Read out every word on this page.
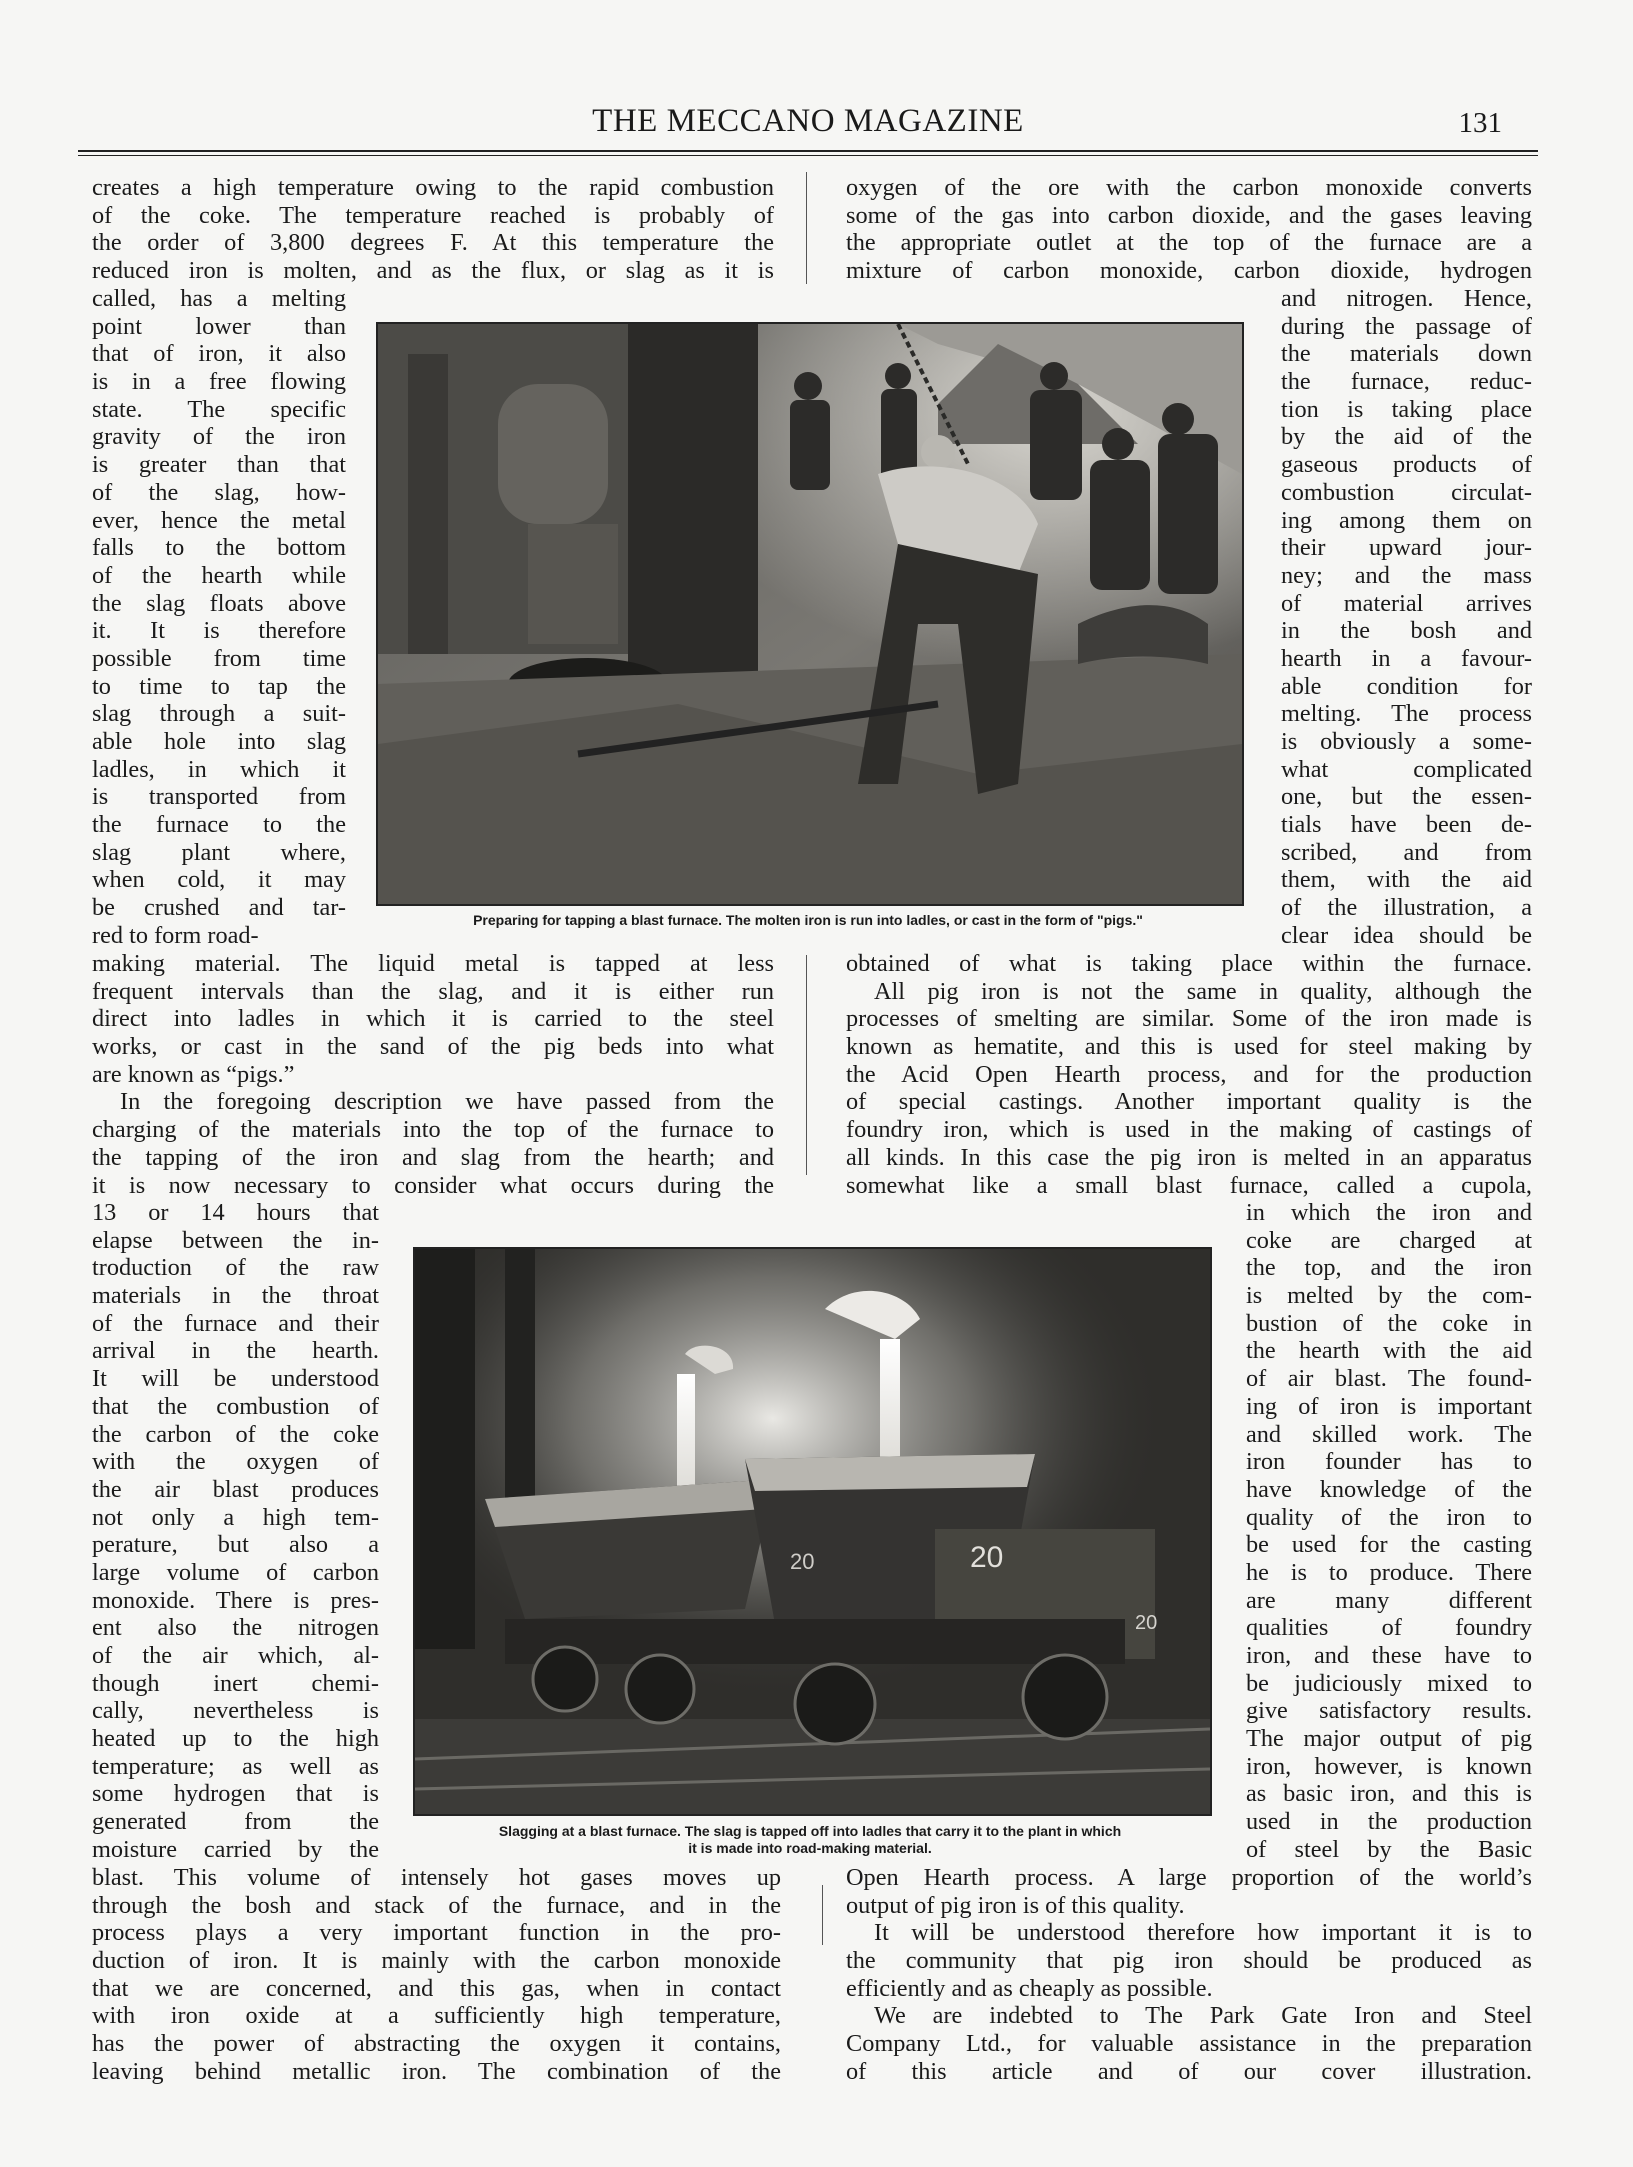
THE MECCANO MAGAZINE	131
creates a high temperature owing to the rapid combustion
of the coke. The temperature reached is probably of
the order of 3,800 degrees F. At this temperature the
reduced iron is molten, and as the flux, or slag as it is
called, has a melting
point lower than
that of iron, it also
is in a free flowing
state. The specific
gravity of the iron
is greater than that
of the slag, how-
ever, hence the metal
falls to the bottom
of the hearth while
the slag floats above
it. It is therefore
possible from time
to time to tap the
slag through a suit-
able hole into slag
ladles, in which it
is transported from
the furnace to the
slag plant where,
when cold, it may
be crushed and tar-
red to form road-
making material. The liquid metal is tapped at less
frequent intervals than the slag, and it is either run
direct into ladles in which it is carried to the steel
works, or cast in the sand of the pig beds into what
are known as “pigs.”
In the foregoing description we have passed from the
charging of the materials into the top of the furnace to
the tapping of the iron and slag from the hearth; and
it is now necessary to consider what occurs during the
13 or 14 hours that
elapse between the in-
troduction of the raw
materials in the throat
of the furnace and their
arrival in the hearth.
It will be understood
that the combustion of
the carbon of the coke
with the oxygen of
the air blast produces
not only a high tem-
perature, but also a
large volume of carbon
monoxide. There is pres-
ent also the nitrogen
of the air which, al-
though inert chemi-
cally, nevertheless is
heated up to the high
temperature; as well as
some hydrogen that is
generated from the
moisture carried by the
blast. This volume of intensely hot gases moves up
through the bosh and stack of the furnace, and in the
process plays a very important function in the pro-
duction of iron. It is mainly with the carbon monoxide
that we are concerned, and this gas, when in contact
with iron oxide at a sufficiently high temperature,
has the power of abstracting the oxygen it contains,
leaving behind metallic iron. The combination of the
oxygen of the ore with the carbon monoxide converts
some of the gas into carbon dioxide, and the gases leaving
the appropriate outlet at the top of the furnace are a
mixture of carbon monoxide, carbon dioxide, hydrogen
and nitrogen. Hence,
during the passage of
the materials down
the furnace, reduc-
tion is taking place
by the aid of the
gaseous products of
combustion circulat-
ing among them on
their upward jour-
ney; and the mass
of material arrives
in the bosh and
hearth in a favour-
able condition for
melting. The process
is obviously a some-
what complicated
one, but the essen-
tials have been de-
scribed, and from
them, with the aid
of the illustration, a
clear idea should be
obtained of what is taking place within the furnace.
All pig iron is not the same in quality, although the
processes of smelting are similar. Some of the iron made is
known as hematite, and this is used for steel making by
the Acid Open Hearth process, and for the production
of special castings. Another important quality is the
foundry iron, which is used in the making of castings of
all kinds. In this case the pig iron is melted in an apparatus
somewhat like a small blast furnace, called a cupola,
in which the iron and
coke are charged at
the top, and the iron
is melted by the com-
bustion of the coke in
the hearth with the aid
of air blast. The found-
ing of iron is important
and skilled work. The
iron founder has to
have knowledge of the
quality of the iron to
be used for the casting
he is to produce. There
are many different
qualities of foundry
iron, and these have to
be judiciously mixed to
give satisfactory results.
The major output of pig
iron, however, is known
as basic iron, and this is
used in the production
of steel by the Basic
Open Hearth process. A large proportion of the world’s
output of pig iron is of this quality.
It will be understood therefore how important it is to
the community that pig iron should be produced as
efficiently and as cheaply as possible.
We are indebted to The Park Gate Iron and Steel
Company Ltd., for valuable assistance in the preparation
of this article and of our cover illustration.
Preparing for tapping a blast furnace. The molten iron is run into ladles, or cast in the form of "pigs."
20	20
20
Slagging at a blast furnace. The slag is tapped off into ladles that carry it to the plant in which
it is made into road-making material.
